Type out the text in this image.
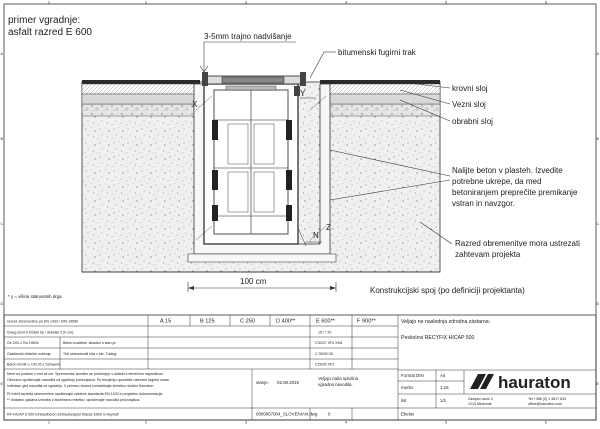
1	2	3	4	5	6
1	2	3	4	5	6
A
B
C
D
E
A
B
C
D
E
primer vgradnje:
asfalt razred E 600
X
Y
Z
N
3-5mm trajno nadvišanje
bitumenski fugirni trak
krovni sloj
Vezni sloj
obrabni sloj
Nalijte beton v plasteh. Izvedite
potrebne ukrepe, da med
betoniranjem preprečite premikanje
vstran in navzgor.
Razred obremenitve mora ustrezati
zahtevam projekta
100 cm
Konstrukcijski spoj (po definiciji projektanta)
* y = višina stalnostnih drga
razred obremenitve po EN 1433 / DIN 19580	A 15	B 125	C 250	D 400**	E 600**	F 900**
Izvleg červi-š friživki tip / debelsk 2 (h cm)	15 / * 20
Ge 200-1 Ra 19604	Beton kvalitete, skladno s stan.pr.	C30/37 XF4 XM1
Gasilenski oblaček nošenja	Trdi utravstovali Ista v ele, Tulang	C 35/90 08
Beton krivilit o, DN 25 x Schwenk	C25/30 XF3
Mere so podane v mm ali cm. Spremembe izvedbe se pridržujejo v skladu s tehničnim napredkom.
Obvezno upoštevajte navodila za vgradnjo proizvajalca. Pri tesnjenju uporabite ustrezne fugirne mase.
Izdelava: glej navodila za vgradnjo. V primeru dvoma kontaktirajte tehnično službo Hauraton.
Pri izbiri razreda obremenitve upoštevajte zahteve standarda EN 1433 in projektno dokumentacijo.
** dodatno ojačana izvedba z litoželezno rešetko; upoštevajte navodila proizvajalca.
stanje: 02.08.2019
Veljajo naša splošna
vgradna navodila.
0000067004_SLOVENIAN.dwg 0	Ekelas
RF-HICAP S 500 Einbaufbeton Einbaubeispiel Klasse E600 in Asphalt
Veljajo ne naslednja zdrodna zástarna:
Peskolovi RECYFIX HICAP 500
Format DIN	A4
merilo	1:16
list	1/1
hauraton
Zasipšo ucciz 4
1215 Medvode
Tel +386 (0) 1 3617 833
office@hauraton.com
